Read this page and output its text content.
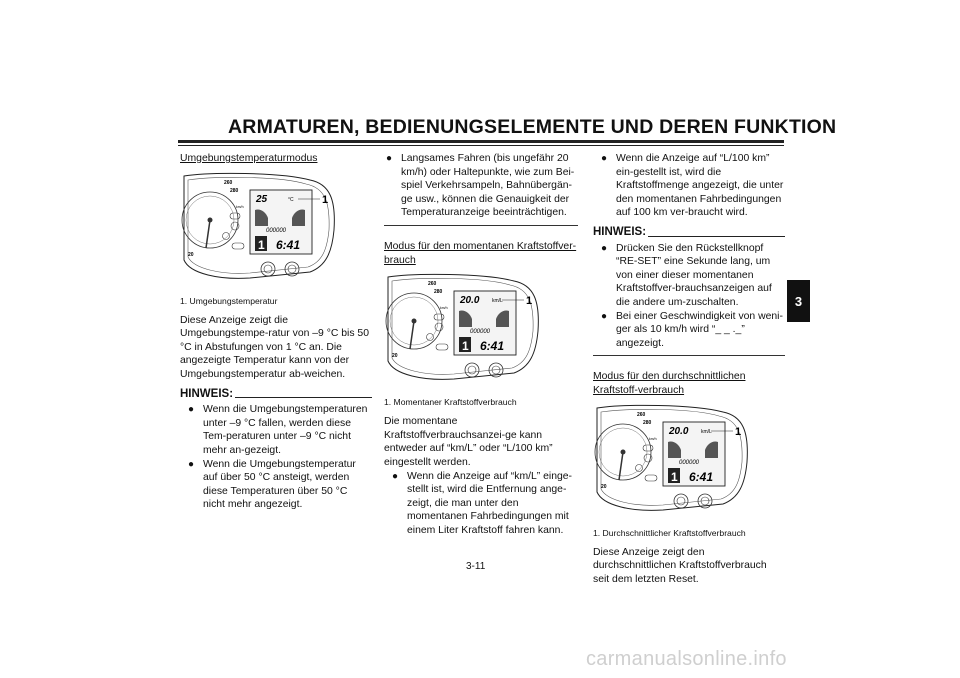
ARMATUREN, BEDIENUNGSELEMENTE UND DEREN FUNKTION
3
Umgebungstemperaturmodus
260
280
20
km/h
25	°C	1
000000
1 6:41
1. Umgebungstemperatur
Diese Anzeige zeigt die Umgebungstempe-ratur von –9 °C bis 50 °C in Abstufungen von 1 °C an. Die angezeigte Temperatur kann von der Umgebungstemperatur ab-weichen.
HINWEIS:
● Wenn die Umgebungstemperaturen unter –9 °C fallen, werden diese Tem-peraturen unter –9 °C nicht mehr an-gezeigt.
● Wenn die Umgebungstemperatur auf über 50 °C ansteigt, werden diese Temperaturen über 50 °C nicht mehr angezeigt.
● Langsames Fahren (bis ungefähr 20 km/h) oder Haltepunkte, wie zum Bei-spiel Verkehrsampeln, Bahnübergän-ge usw., können die Genauigkeit der Temperaturanzeige beeinträchtigen.
Modus für den momentanen Kraftstoffver-brauch
260
280
20
km/h
20.0	km/L 1
000000
1 6:41
1. Momentaner Kraftstoffverbrauch
Die momentane Kraftstoffverbrauchsanzei-ge kann entweder auf “km/L” oder “L/100 km” eingestellt werden.
● Wenn die Anzeige auf “km/L” einge-stellt ist, wird die Entfernung ange-zeigt, die man unter den momentanen Fahrbedingungen mit einem Liter Kraftstoff fahren kann.
● Wenn die Anzeige auf “L/100 km” ein-gestellt ist, wird die Kraftstoffmenge angezeigt, die unter den momentanen Fahrbedingungen auf 100 km ver-braucht wird.
HINWEIS:
● Drücken Sie den Rückstellknopf “RE-SET” eine Sekunde lang, um von einer dieser momentanen Kraftstoffver-brauchsanzeigen auf die andere um-zuschalten.
● Bei einer Geschwindigkeit von weni-ger als 10 km/h wird “_ _ ._” angezeigt.
Modus für den durchschnittlichen Kraftstoff-verbrauch
260
280
20
km/h
20.0	km/L 1
000000
1 6:41
1. Durchschnittlicher Kraftstoffverbrauch
Diese Anzeige zeigt den durchschnittlichen Kraftstoffverbrauch seit dem letzten Reset.
3-11
carmanualsonline.info
